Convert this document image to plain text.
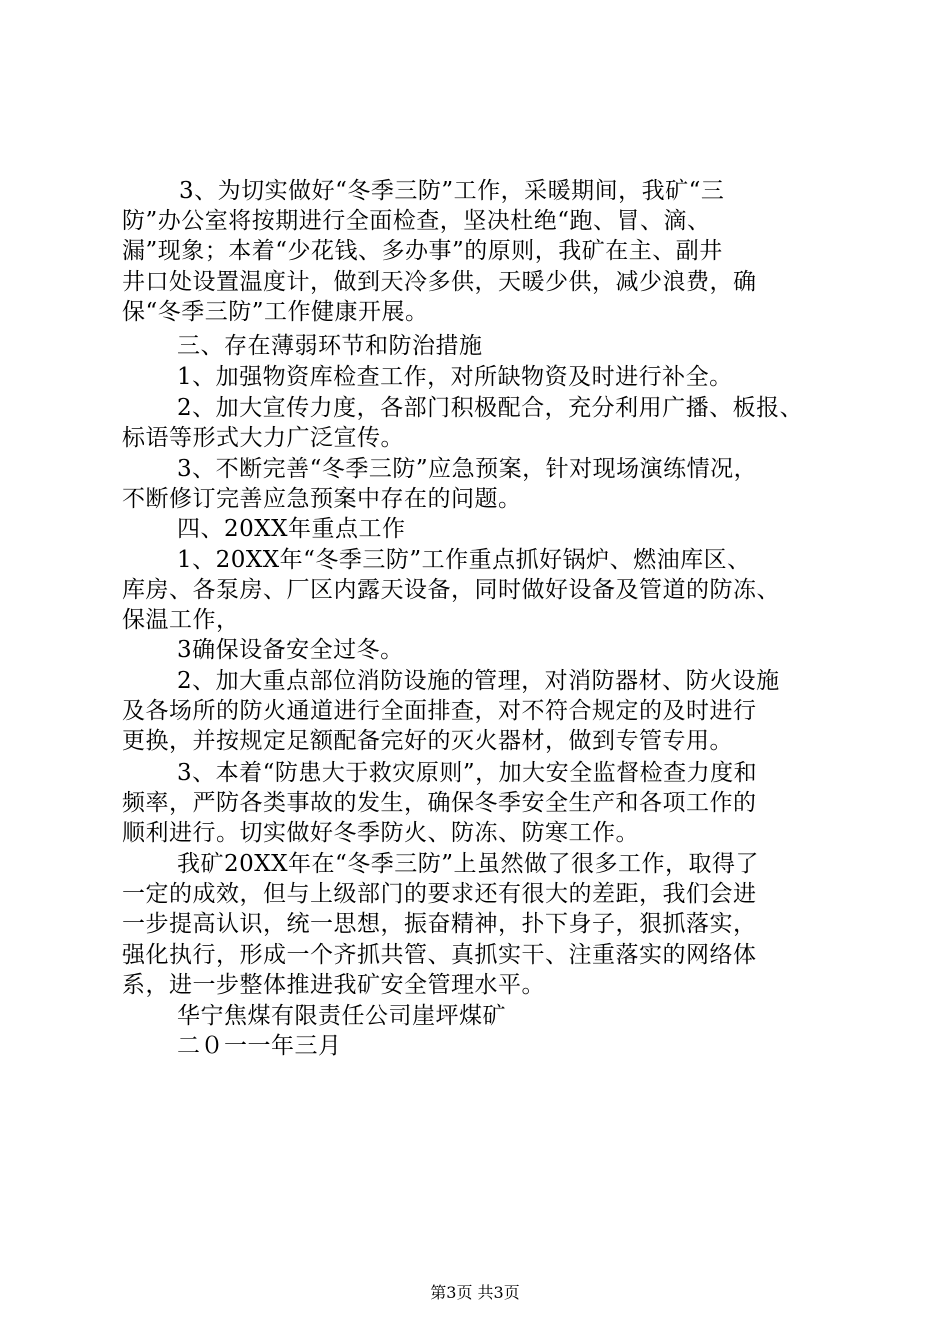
3、为切实做好“冬季三防”工作，采暖期间，我矿“三
防”办公室将按期进行全面检查，坚决杜绝“跑、冒、滴、
漏”现象；本着“少花钱、多办事”的原则，我矿在主、副井
井口处设置温度计，做到天冷多供，天暖少供，减少浪费，确
保“冬季三防”工作健康开展。
三、存在薄弱环节和防治措施
1、加强物资库检查工作，对所缺物资及时进行补全。
2、加大宣传力度，各部门积极配合，充分利用广播、板报、
标语等形式大力广泛宣传。
3、不断完善“冬季三防”应急预案，针对现场演练情况，
不断修订完善应急预案中存在的问题。
四、20XX年重点工作
1、20XX年“冬季三防”工作重点抓好锅炉、燃油库区、
库房、各泵房、厂区内露天设备，同时做好设备及管道的防冻、
保温工作，
3确保设备安全过冬。
2、加大重点部位消防设施的管理，对消防器材、防火设施
及各场所的防火通道进行全面排查，对不符合规定的及时进行
更换，并按规定足额配备完好的灭火器材，做到专管专用。
3、本着“防患大于救灾原则”，加大安全监督检查力度和
频率，严防各类事故的发生，确保冬季安全生产和各项工作的
顺利进行。切实做好冬季防火、防冻、防寒工作。
我矿20XX年在“冬季三防”上虽然做了很多工作，取得了
一定的成效，但与上级部门的要求还有很大的差距，我们会进
一步提高认识，统一思想，振奋精神，扑下身子，狠抓落实，
强化执行，形成一个齐抓共管、真抓实干、注重落实的网络体
系，进一步整体推进我矿安全管理水平。
华宁焦煤有限责任公司崖坪煤矿
二０一一年三月
第3页 共3页
